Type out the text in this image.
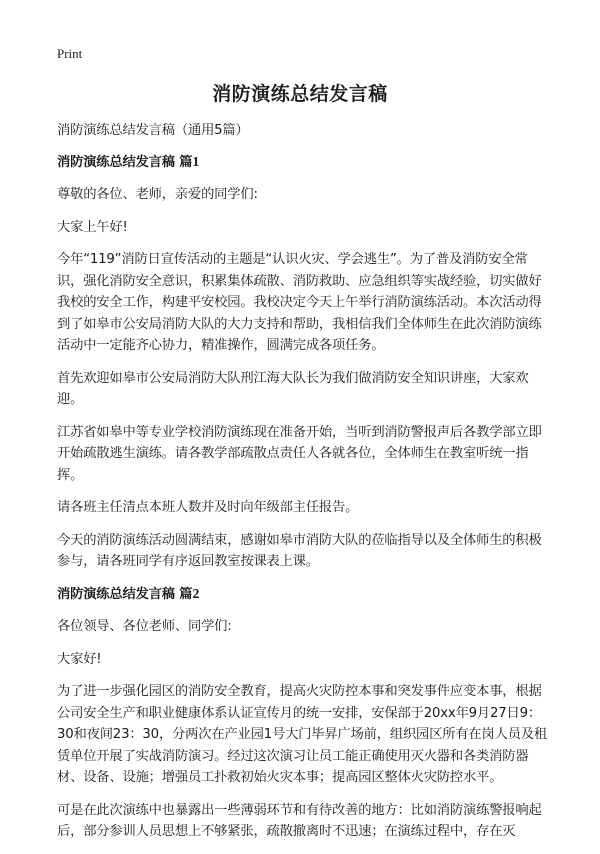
Print
消防演练总结发言稿

消防演练总结发言稿（通用5篇）

消防演练总结发言稿 篇1

尊敬的各位、老师，亲爱的同学们:

大家上午好!

今年“119”消防日宣传活动的主题是“认识火灾、学会逃生”。为了普及消防安全常识，强化消防安全意识，积累集体疏散、消防救助、应急组织等实战经验，切实做好我校的安全工作，构建平安校园。我校决定今天上午举行消防演练活动。本次活动得到了如皋市公安局消防大队的大力支持和帮助，我相信我们全体师生在此次消防演练活动中一定能齐心协力，精准操作，圆满完成各项任务。

首先欢迎如皋市公安局消防大队刑江海大队长为我们做消防安全知识讲座，大家欢迎。

江苏省如皋中等专业学校消防演练现在准备开始，当听到消防警报声后各教学部立即开始疏散逃生演练。请各教学部疏散点责任人各就各位，全体师生在教室听统一指挥。

请各班主任清点本班人数并及时向年级部主任报告。

今天的消防演练活动圆满结束，感谢如皋市消防大队的莅临指导以及全体师生的积极参与，请各班同学有序返回教室按课表上课。

消防演练总结发言稿 篇2

各位领导、各位老师、同学们:

大家好!

为了进一步强化园区的消防安全教育，提高火灾防控本事和突发事件应变本事，根据公司安全生产和职业健康体系认证宣传月的统一安排，安保部于20xx年9月27日9：30和夜间23：30，分两次在产业园1号大门毕昇广场前，组织园区所有在岗人员及租赁单位开展了实战消防演习。经过这次演习让员工能正确使用灭火器和各类消防器材、设备、设施；增强员工扑救初始火灾本事；提高园区整体火灾防控水平。

可是在此次演练中也暴露出一些薄弱环节和有待改善的地方：比如消防演练警报响起后，部分参训人员思想上不够紧张，疏散撤离时不迅速；在演练过程中，存在灭
